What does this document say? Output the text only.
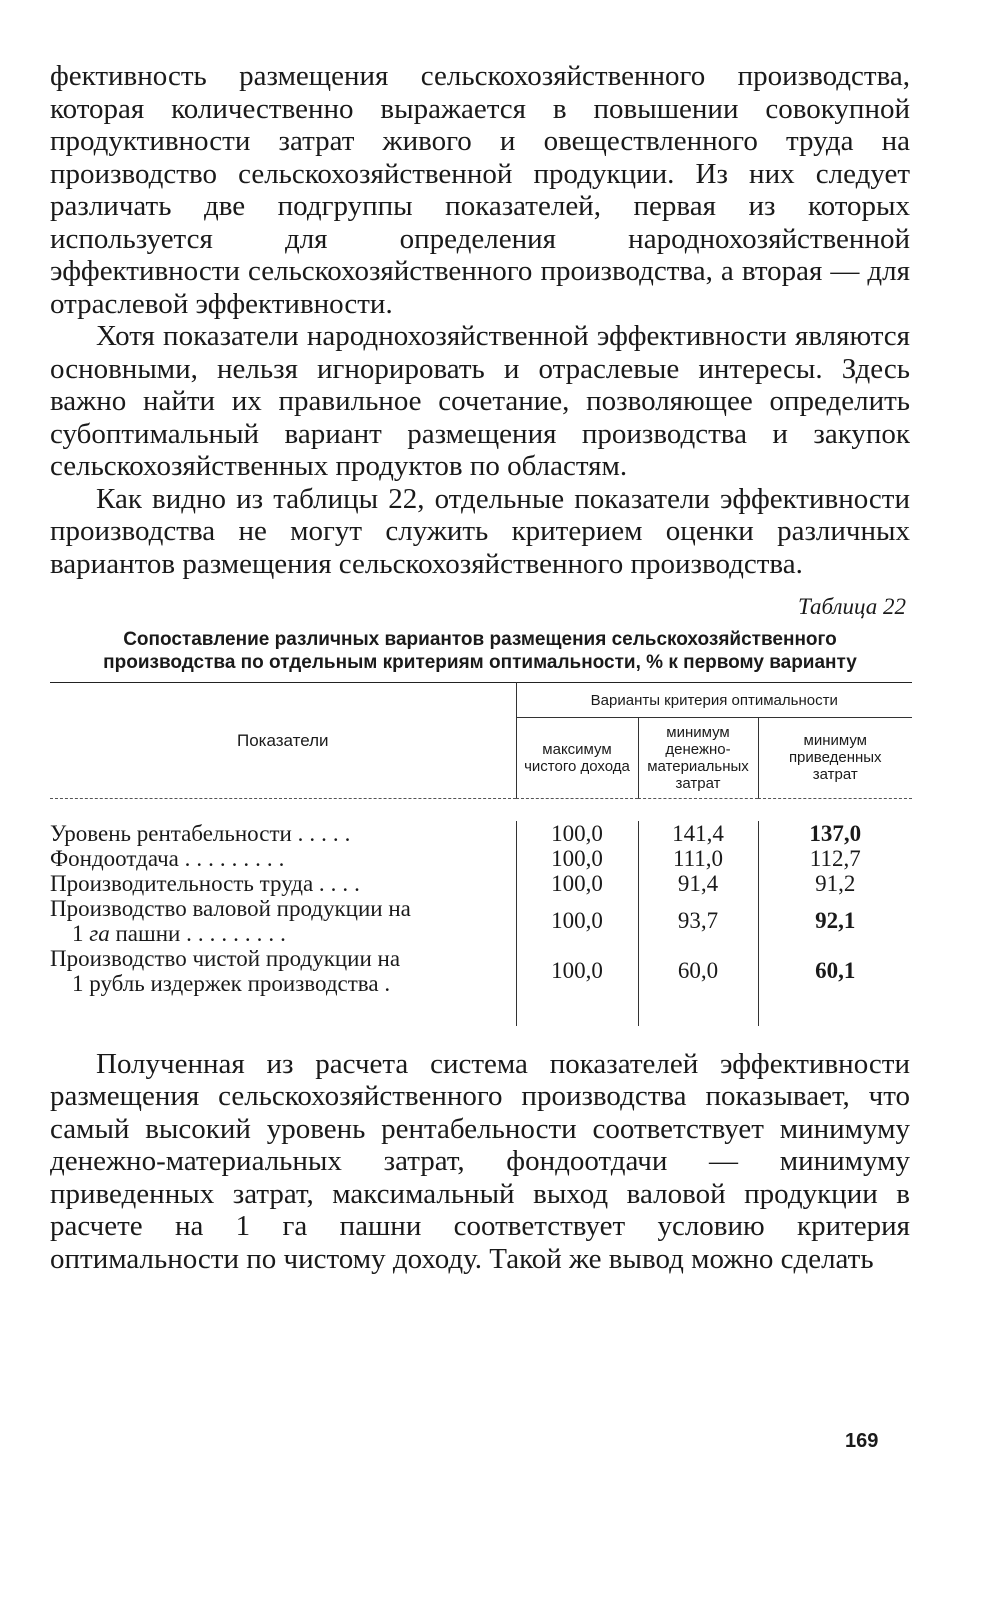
фективность размещения сельскохозяйственного производства, которая количественно выражается в повышении совокупной продуктивности затрат живого и овеществленного труда на производство сельскохозяйственной продукции. Из них следует различать две подгруппы показателей, первая из которых используется для определения народнохозяйственной эффективности сельскохозяйственного производства, а вторая — для отраслевой эффективности.

Хотя показатели народнохозяйственной эффективности являются основными, нельзя игнорировать и отраслевые интересы. Здесь важно найти их правильное сочетание, позволяющее определить субоптимальный вариант размещения производства и закупок сельскохозяйственных продуктов по областям.

Как видно из таблицы 22, отдельные показатели эффективности производства не могут служить критерием оценки различных вариантов размещения сельскохозяйственного производства.

Таблица 22
Сопоставление различных вариантов размещения сельскохозяйственного производства по отдельным критериям оптимальности, % к первому варианту
Показатели	Варианты критерия оптимальности		
	максимум чистого дохода	минимум денежно-материальных затрат	минимум приведенных затрат

Уровень рентабельности .....	100,0	141,4	137,0
Фондоотдача .........	100,0	111,0	112,7
Производительность труда ....	100,0	91,4	91,2

Производство валовой продукции на
1 га пашни .........	100,0	93,7	92,1

Производство чистой продукции на
1 рубль издержек производства .	100,0	60,0	60,1

Полученная из расчета система показателей эффективности размещения сельскохозяйственного производства показывает, что самый высокий уровень рентабельности соответствует минимуму денежно-материальных затрат, фондоотдачи — минимуму приведенных затрат, максимальный выход валовой продукции в расчете на 1 га пашни соответствует условию критерия оптимальности по чистому доходу. Такой же вывод можно сделать

169
